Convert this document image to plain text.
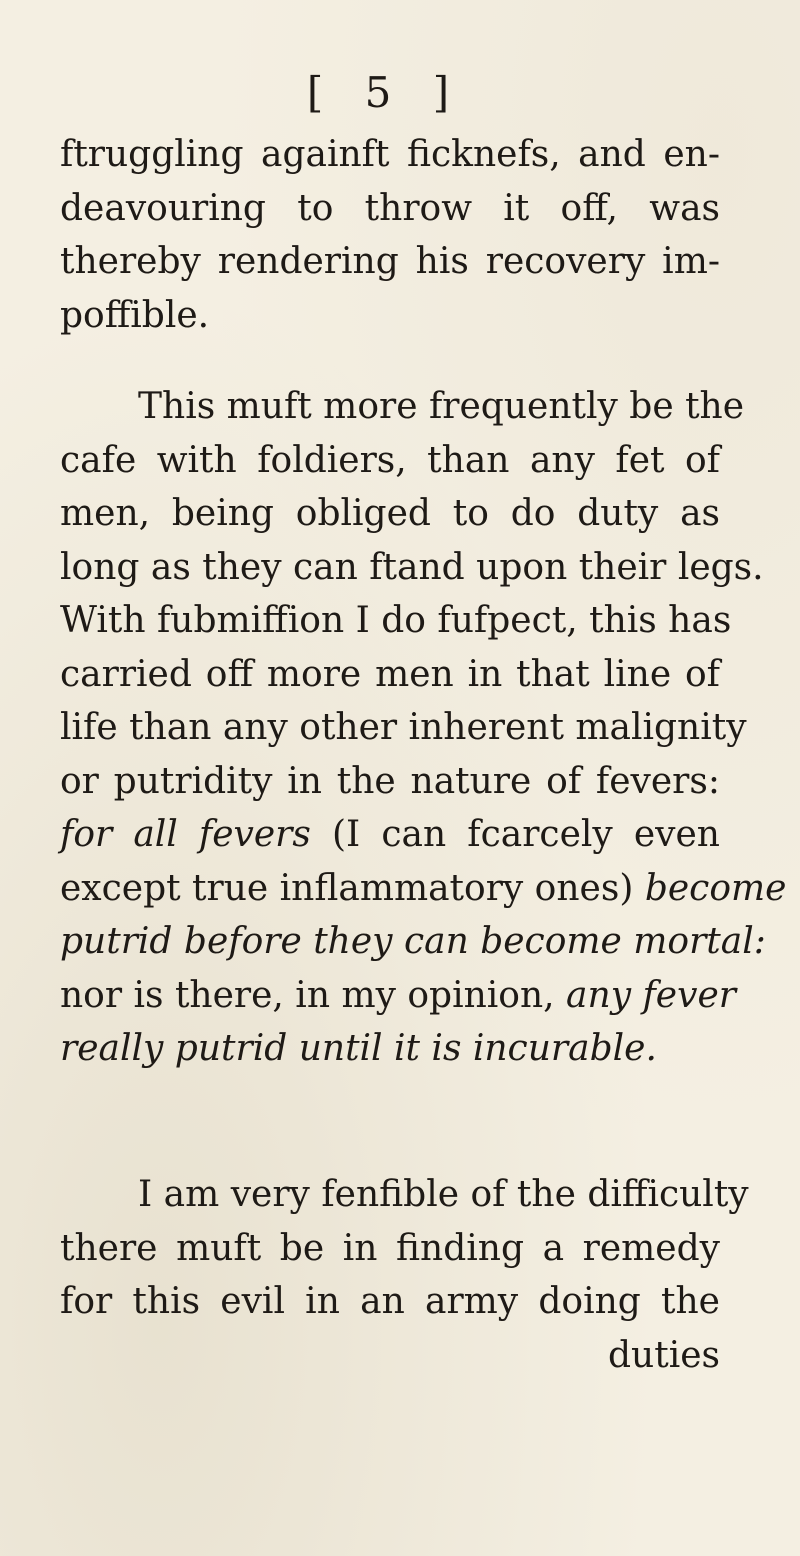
[ 5 ]
ftruggling againft ficknefs, and en-
deavouring to throw it off, was
thereby rendering his recovery im-
poffible.
This muft more frequently be the
cafe with foldiers, than any fet of
men, being obliged to do duty as
long as they can ftand upon their legs.
With fubmiffion I do fufpect, this has
carried off more men in that line of
life than any other inherent malignity
or putridity in the nature of fevers:
for all fevers (I can fcarcely even
except true inflammatory ones) become
putrid before they can become mortal:
nor is there, in my opinion, any fever
really putrid until it is incurable.
I am very fenfible of the difficulty
there muft be in finding a remedy
for this evil in an army doing the
duties
